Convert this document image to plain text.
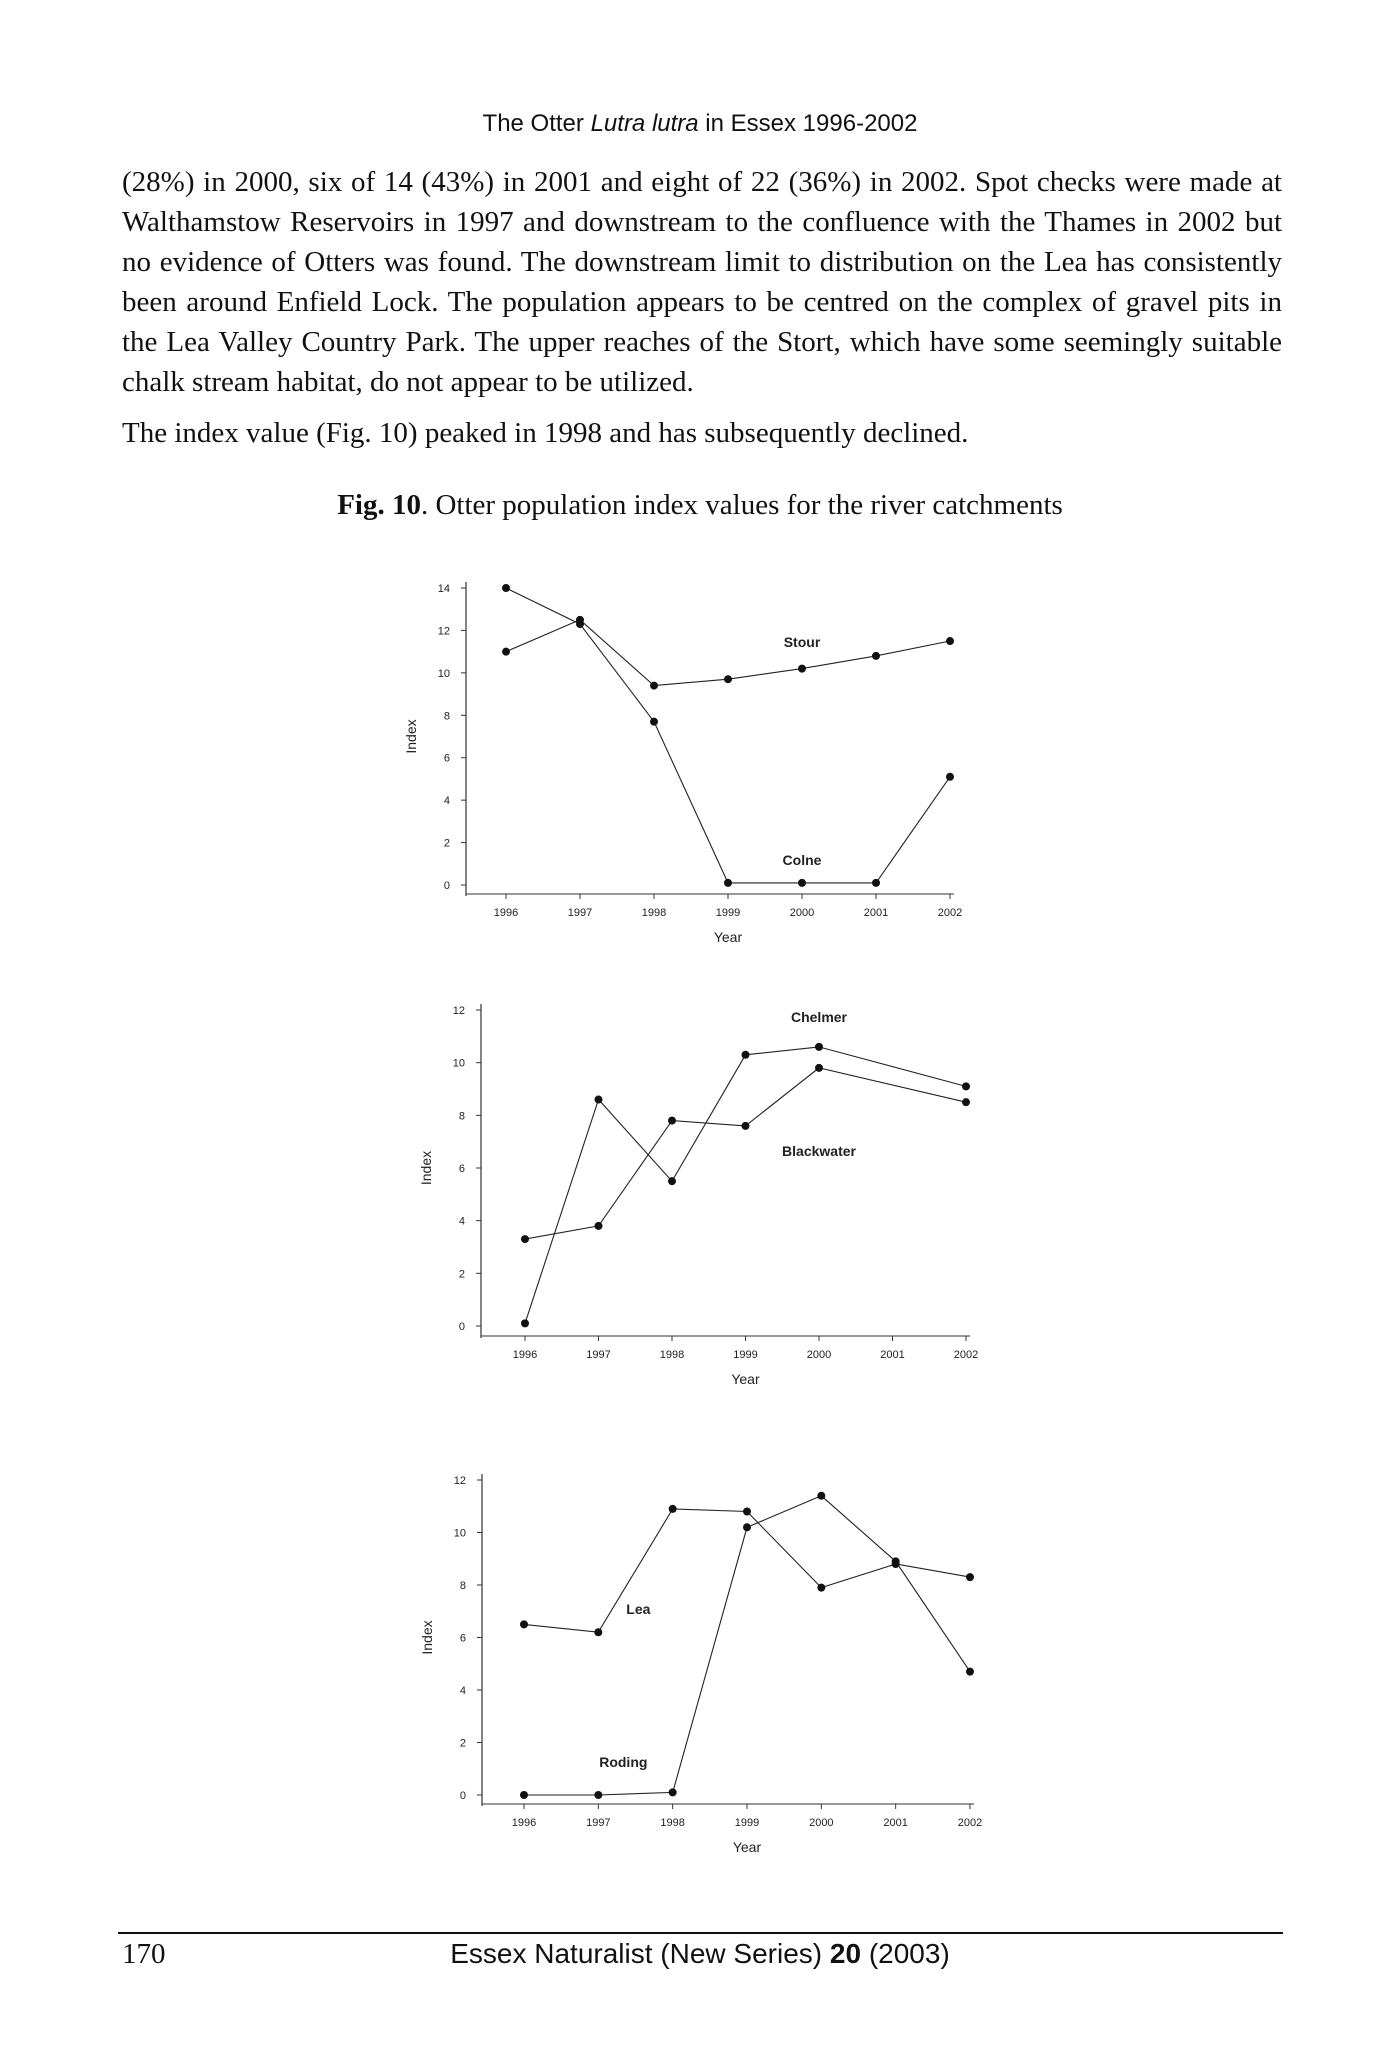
The Otter Lutra lutra in Essex 1996-2002
(28%) in 2000, six of 14 (43%) in 2001 and eight of 22 (36%) in 2002. Spot checks were made at Walthamstow Reservoirs in 1997 and downstream to the confluence with the Thames in 2002 but no evidence of Otters was found. The downstream limit to distribution on the Lea has consistently been around Enfield Lock. The population appears to be centred on the complex of gravel pits in the Lea Valley Country Park. The upper reaches of the Stort, which have some seemingly suitable chalk stream habitat, do not appear to be utilized.
The index value (Fig. 10) peaked in 1998 and has subsequently declined.
Fig. 10. Otter population index values for the river catchments
0
2
4
6
8
10
12
14
1996	1997	1998	1999	2000	2001	2002
Year
Index
Stour
Colne
0
2
4
6
8
10
12
1996	1997	1998	1999	2000	2001	2002
Year
Index
Chelmer
Blackwater
0
2
4
6
8
10
12
1996	1997	1998	1999	2000	2001	2002
Year
Index
Lea
Roding
170	Essex Naturalist (New Series) 20 (2003)
